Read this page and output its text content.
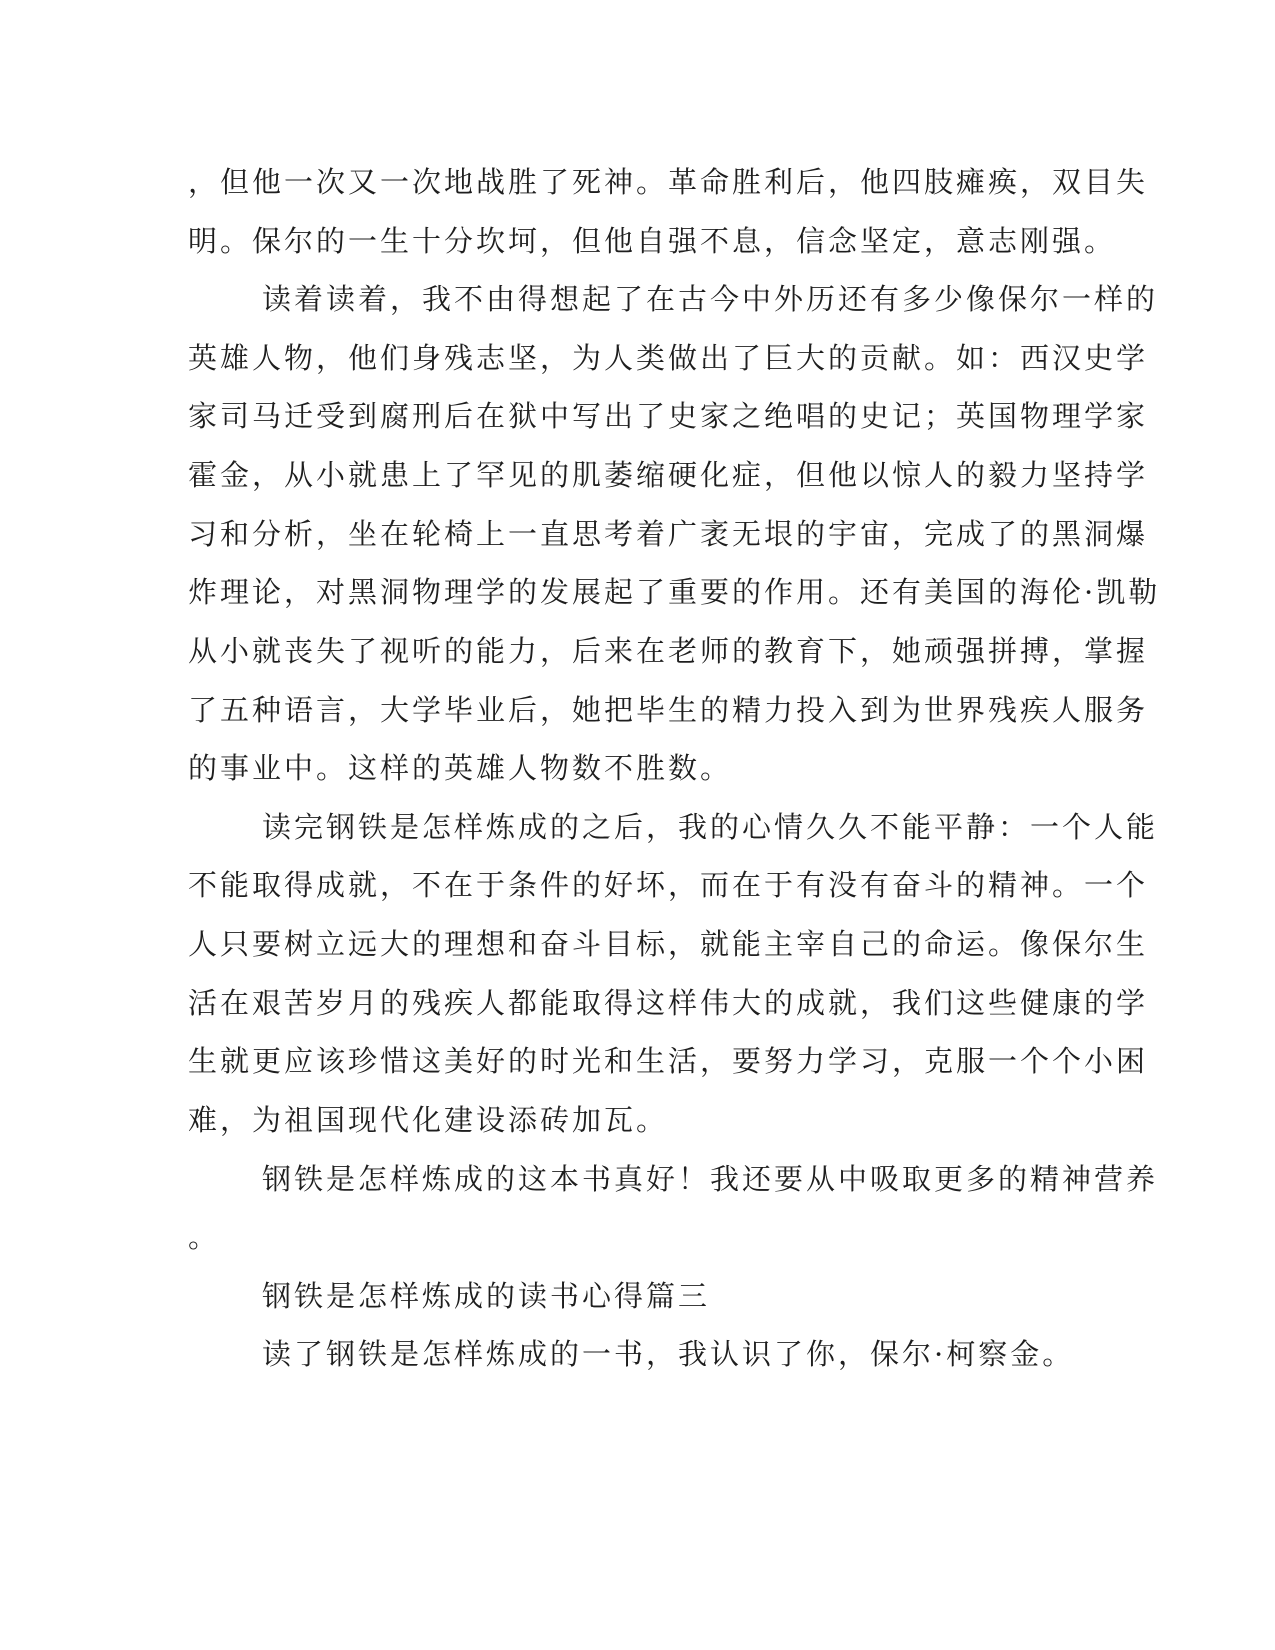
，但他一次又一次地战胜了死神。革命胜利后，他四肢瘫痪，双目失
明。保尔的一生十分坎坷，但他自强不息，信念坚定，意志刚强。
读着读着，我不由得想起了在古今中外历还有多少像保尔一样的
英雄人物，他们身残志坚，为人类做出了巨大的贡献。如：西汉史学
家司马迁受到腐刑后在狱中写出了史家之绝唱的史记；英国物理学家
霍金，从小就患上了罕见的肌萎缩硬化症，但他以惊人的毅力坚持学
习和分析，坐在轮椅上一直思考着广袤无垠的宇宙，完成了的黑洞爆
炸理论，对黑洞物理学的发展起了重要的作用。还有美国的海伦·凯勒
从小就丧失了视听的能力，后来在老师的教育下，她顽强拼搏，掌握
了五种语言，大学毕业后，她把毕生的精力投入到为世界残疾人服务
的事业中。这样的英雄人物数不胜数。
读完钢铁是怎样炼成的之后，我的心情久久不能平静：一个人能
不能取得成就，不在于条件的好坏，而在于有没有奋斗的精神。一个
人只要树立远大的理想和奋斗目标，就能主宰自己的命运。像保尔生
活在艰苦岁月的残疾人都能取得这样伟大的成就，我们这些健康的学
生就更应该珍惜这美好的时光和生活，要努力学习，克服一个个小困
难，为祖国现代化建设添砖加瓦。
钢铁是怎样炼成的这本书真好！我还要从中吸取更多的精神营养
。
钢铁是怎样炼成的读书心得篇三
读了钢铁是怎样炼成的一书，我认识了你，保尔·柯察金。
